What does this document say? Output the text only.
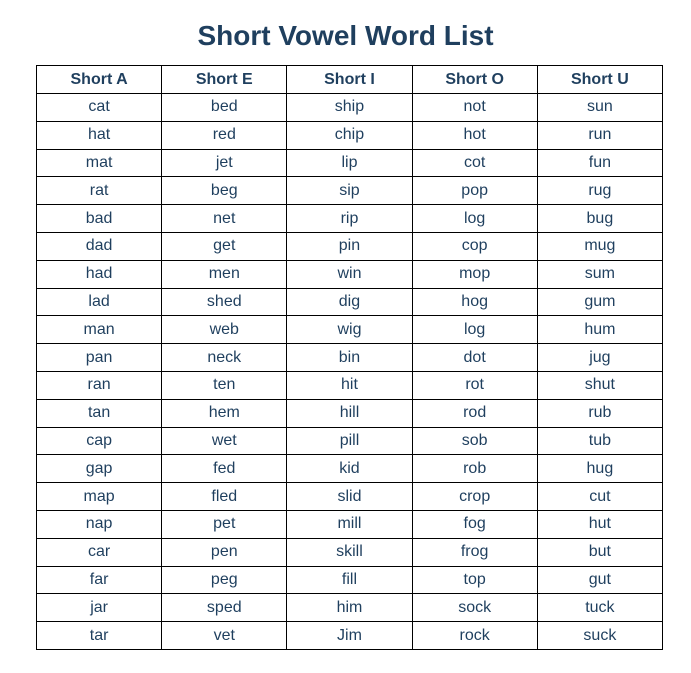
Short Vowel Word List
Short A	Short E	Short I	Short O	Short U
cat	bed	ship	not	sun
hat	red	chip	hot	run
mat	jet	lip	cot	fun
rat	beg	sip	pop	rug
bad	net	rip	log	bug
dad	get	pin	cop	mug
had	men	win	mop	sum
lad	shed	dig	hog	gum
man	web	wig	log	hum
pan	neck	bin	dot	jug
ran	ten	hit	rot	shut
tan	hem	hill	rod	rub
cap	wet	pill	sob	tub
gap	fed	kid	rob	hug
map	fled	slid	crop	cut
nap	pet	mill	fog	hut
car	pen	skill	frog	but
far	peg	fill	top	gut
jar	sped	him	sock	tuck
tar	vet	Jim	rock	suck
